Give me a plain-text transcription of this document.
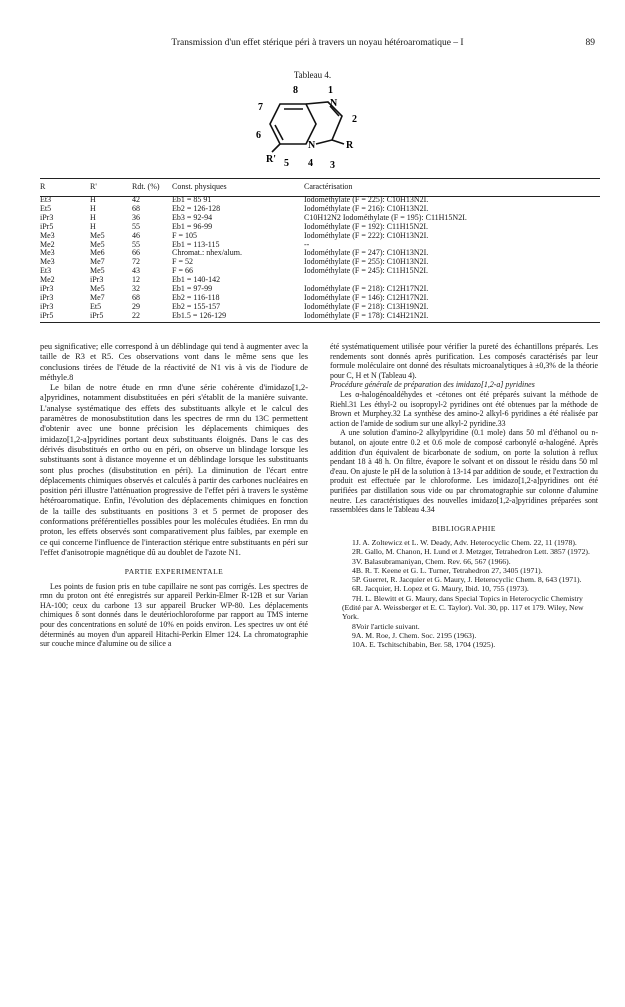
Transmission d'un effet stérique péri à travers un noyau hétéroaromatique – I	89
Tableau 4.
8	1
N
7
2
6
N	R
R' 5 4 3
R	R'	Rdt. (%)	Const. physiques	Caractérisation
Et3	H	42	Eb1 = 85 91	Iodométhylate (F = 225): C10H13N2I.
Et5	H	68	Eb2 = 126-128	Iodométhylate (F = 216): C10H13N2I.
iPr3	H	36	Eb3 = 92-94	C10H12N2 Iodométhylate (F = 195): C11H15N2I.
iPr5	H	55	Eb1 = 96-99	Iodométhylate (F = 192): C11H15N2I.
Me3	Me5	46	F = 105	Iodométhylate (F = 222): C10H13N2I.
Me2	Me5	55	Eb1 = 113-115	--
Me3	Me6	66	Chromat.: nhex/alum.	Iodométhylate (F = 247): C10H13N2I.
Me3	Me7	72	F = 52	Iodométhylate (F = 255): C10H13N2I.
Et3	Me5	43	F = 66	Iodométhylate (F = 245): C11H15N2I.
Me2	iPr3	12	Eb1 = 140-142	
iPr3	Me5	32	Eb1 = 97-99	Iodométhylate (F = 218): C12H17N2I.
iPr3	Me7	68	Eb2 = 116-118	Iodométhylate (F = 146): C12H17N2I.
iPr3	Et5	29	Eb2 = 155-157	Iodométhylate (F = 218): C13H19N2I.
iPr5	iPr5	22	Eb1.5 = 126-129	Iodométhylate (F = 178): C14H21N2I.

peu significative; elle correspond à un déblindage qui tend à augmenter avec la taille de R3 et R5. Ces observations vont dans le même sens que les conclusions tirées de l'étude de la réactivité de N1 vis à vis de l'iodure de méthyle.8

Le bilan de notre étude en rmn d'une série cohérente d'imidazo[1,2-a]pyridines, notamment disubstituées en péri s'établit de la manière suivante. L'analyse systématique des effets des substituants alkyle et le calcul des paramètres de monosubstitution dans les spectres de rmn du 13C permettent d'obtenir avec une bonne précision les déplacements chimiques des imidazo[1,2-a]pyridines portant deux substituants éloignés. Dans le cas des dérivés disubstitués en ortho ou en péri, on observe un blindage lorsque les substituants sont à distance moyenne et un déblindage lorsque les substituants sont plus proches (disubstitution en péri). La diminution de l'écart entre déplacements chimiques observés et calculés à partir des carbones nucléaires en position péri illustre l'atténuation progressive de l'effet péri à travers le système hétéroaromatique. Enfin, l'évolution des déplacements chimiques en fonction de la taille des substituants en positions 3 et 5 permet de proposer des conformations préférentielles possibles pour les molécules étudiées. En rmn du proton, les effets observés sont comparativement plus faibles, par exemple en ce qui concerne l'influence de l'interaction stérique entre substituants en péri sur l'effet d'anisotropie magnétique dû au doublet de l'azote N1.

PARTIE EXPERIMENTALE

Les points de fusion pris en tube capillaire ne sont pas corrigés. Les spectres de rmn du proton ont été enregistrés sur appareil Perkin-Elmer R-12B et sur Varian HA-100; ceux du carbone 13 sur appareil Brucker WP-80. Les déplacements chimiques δ sont donnés dans le deutériochloroforme par rapport au TMS interne pour des concentrations en soluté de 10% en poids environ. Les spectres uv ont été déterminés au moyen d'un appareil Hitachi-Perkin Elmer 124. La chromatographie sur couche mince d'alumine ou de silice a

été systématiquement utilisée pour vérifier la pureté des échantillons préparés. Les rendements sont donnés après purification. Les composés caractérisés par leur formule moléculaire ont donné des résultats microanalytiques à ±0,3% de la théorie pour C, H et N (Tableau 4).

Procédure générale de préparation des imidazo[1,2-a] pyridines

Les α-halogénoaldéhydes et -cétones ont été préparés suivant la méthode de Riehl.31 Les éthyl-2 ou isopropyl-2 pyridines ont été obtenues par la méthode de Brown et Murphey.32 La synthèse des amino-2 alkyl-6 pyridines a été réalisée par action de l'amide de sodium sur une alkyl-2 pyridine.33

A une solution d'amino-2 alkylpyridine (0.1 mole) dans 50 ml d'éthanol ou n-butanol, on ajoute entre 0.2 et 0.6 mole de composé carbonylé α-halogéné. Après addition d'un équivalent de bicarbonate de sodium, on porte la solution à reflux pendant 18 à 48 h. On filtre, évapore le solvant et on dissout le résidu dans 50 ml d'eau. On ajuste le pH de la solution à 13-14 par addition de soude, et l'extraction du produit est effectuée par le chloroforme. Les imidazo[1,2-a]pyridines ont été purifiées par distillation sous vide ou par chromatographie sur colonne d'alumine neutre. Les caractéristiques des nouvelles imidazo[1,2-a]pyridines préparées sont rassemblées dans le Tableau 4.34

BIBLIOGRAPHIE

1J. A. Zoltewicz et L. W. Deady, Adv. Heterocyclic Chem. 22, 11 (1978).

2R. Gallo, M. Chanon, H. Lund et J. Metzger, Tetrahedron Lett. 3857 (1972).

3V. Balasubramaniyan, Chem. Rev. 66, 567 (1966).

4B. R. T. Keene et G. L. Turner, Tetrahedron 27, 3405 (1971).

5P. Guerret, R. Jacquier et G. Maury, J. Heterocyclic Chem. 8, 643 (1971).

6R. Jacquier, H. Lopez et G. Maury, Ibid. 10, 755 (1973).

7H. L. Blewitt et G. Maury, dans Special Topics in Heterocyclic Chemistry (Edité par A. Weissberger et E. C. Taylor). Vol. 30, pp. 117 et 179. Wiley, New York.

8Voir l'article suivant.

9A. M. Roe, J. Chem. Soc. 2195 (1963).

10A. E. Tschitschibabin, Ber. 58, 1704 (1925).
